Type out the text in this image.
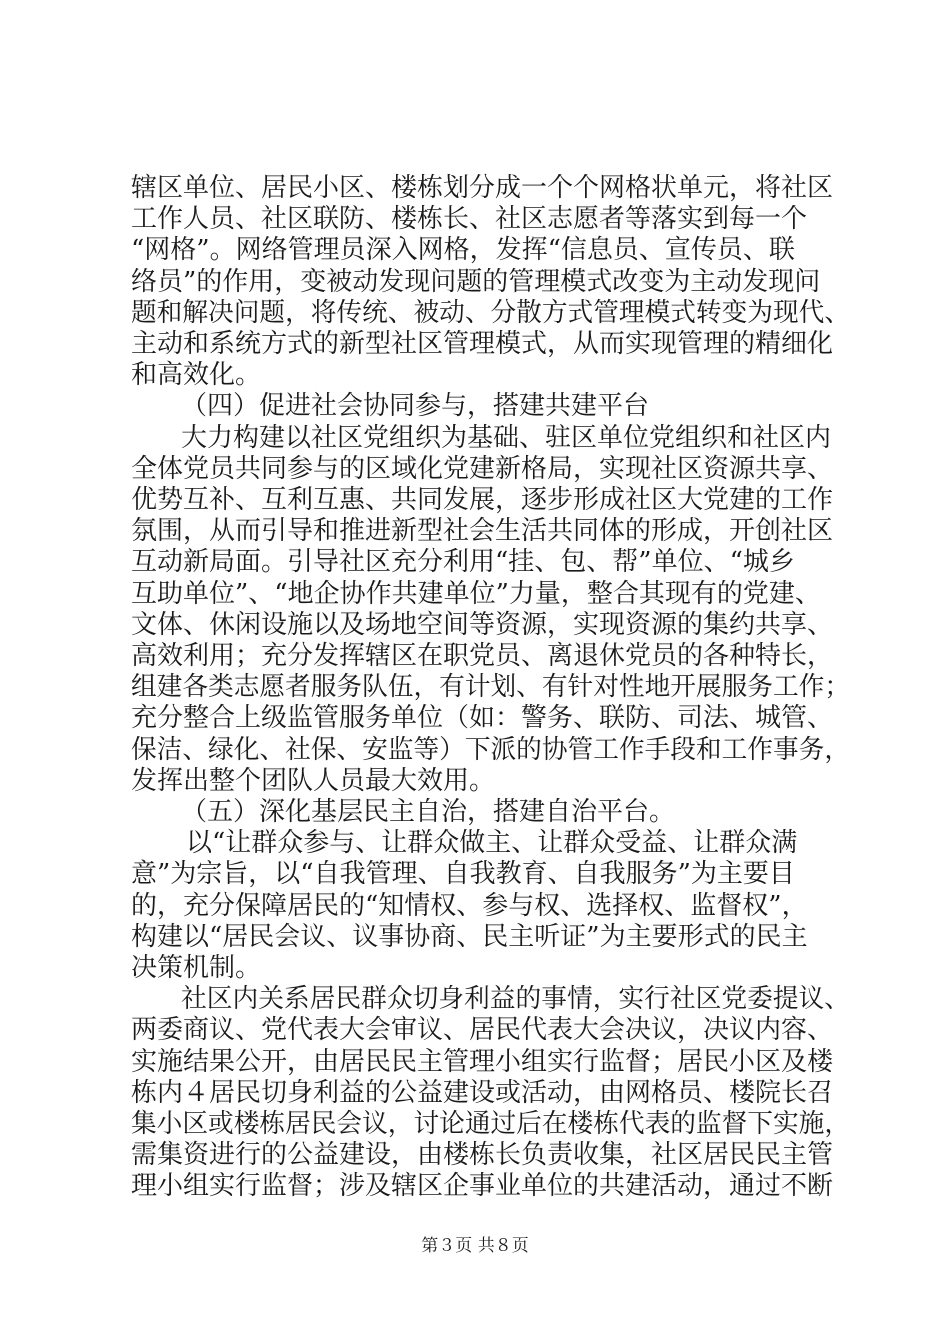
辖区单位、居民小区、楼栋划分成一个个网格状单元，将社区
工作人员、社区联防、楼栋长、社区志愿者等落实到每一个
“网格”。网络管理员深入网格，发挥“信息员、宣传员、联
络员”的作用，变被动发现问题的管理模式改变为主动发现问
题和解决问题，将传统、被动、分散方式管理模式转变为现代、
主动和系统方式的新型社区管理模式，从而实现管理的精细化
和高效化。
（四）促进社会协同参与，搭建共建平台
大力构建以社区党组织为基础、驻区单位党组织和社区内
全体党员共同参与的区域化党建新格局，实现社区资源共享、
优势互补、互利互惠、共同发展，逐步形成社区大党建的工作
氛围，从而引导和推进新型社会生活共同体的形成，开创社区
互动新局面。引导社区充分利用“挂、包、帮”单位、“城乡
互助单位”、“地企协作共建单位”力量，整合其现有的党建、
文体、休闲设施以及场地空间等资源，实现资源的集约共享、
高效利用；充分发挥辖区在职党员、离退休党员的各种特长，
组建各类志愿者服务队伍，有计划、有针对性地开展服务工作；
充分整合上级监管服务单位（如：警务、联防、司法、城管、
保洁、绿化、社保、安监等）下派的协管工作手段和工作事务，
发挥出整个团队人员最大效用。
（五）深化基层民主自治，搭建自治平台。
以“让群众参与、让群众做主、让群众受益、让群众满
意”为宗旨，以“自我管理、自我教育、自我服务”为主要目
的，充分保障居民的“知情权、参与权、选择权、监督权”，
构建以“居民会议、议事协商、民主听证”为主要形式的民主
决策机制。
社区内关系居民群众切身利益的事情，实行社区党委提议、
两委商议、党代表大会审议、居民代表大会决议，决议内容、
实施结果公开，由居民民主管理小组实行监督；居民小区及楼
栋内４居民切身利益的公益建设或活动，由网格员、楼院长召
集小区或楼栋居民会议，讨论通过后在楼栋代表的监督下实施，
需集资进行的公益建设，由楼栋长负责收集，社区居民民主管
理小组实行监督；涉及辖区企事业单位的共建活动，通过不断
第３页 共８页
